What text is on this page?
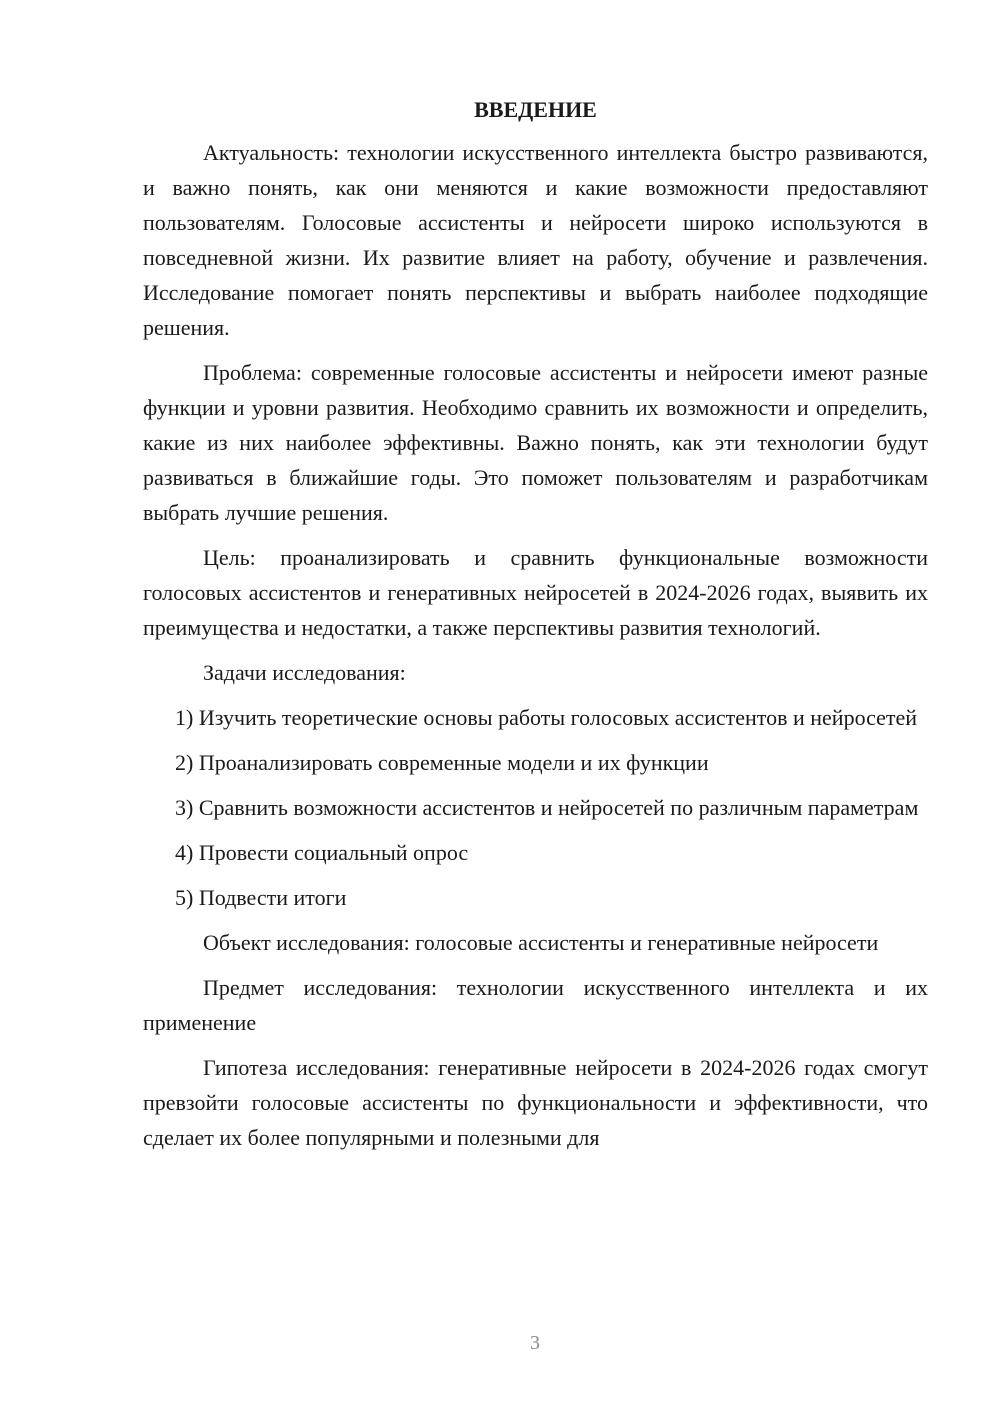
ВВЕДЕНИЕ

Актуальность: технологии искусственного интеллекта быстро развиваются, и важно понять, как они меняются и какие возможности предоставляют пользователям. Голосовые ассистенты и нейросети широко используются в повседневной жизни. Их развитие влияет на работу, обучение и развлечения. Исследование помогает понять перспективы и выбрать наиболее подходящие решения.

Проблема: современные голосовые ассистенты и нейросети имеют разные функции и уровни развития. Необходимо сравнить их возможности и определить, какие из них наиболее эффективны. Важно понять, как эти технологии будут развиваться в ближайшие годы. Это поможет пользователям и разработчикам выбрать лучшие решения.

Цель: проанализировать и сравнить функциональные возможности голосовых ассистентов и генеративных нейросетей в 2024-2026 годах, выявить их преимущества и недостатки, а также перспективы развития технологий.

Задачи исследования:

1) Изучить теоретические основы работы голосовых ассистентов и нейросетей

2) Проанализировать современные модели и их функции

3) Сравнить возможности ассистентов и нейросетей по различным параметрам

4) Провести социальный опрос

5) Подвести итоги

Объект исследования: голосовые ассистенты и генеративные нейросети

Предмет исследования: технологии искусственного интеллекта и их применение

Гипотеза исследования: генеративные нейросети в 2024-2026 годах смогут превзойти голосовые ассистенты по функциональности и эффективности, что сделает их более популярными и полезными для

3
